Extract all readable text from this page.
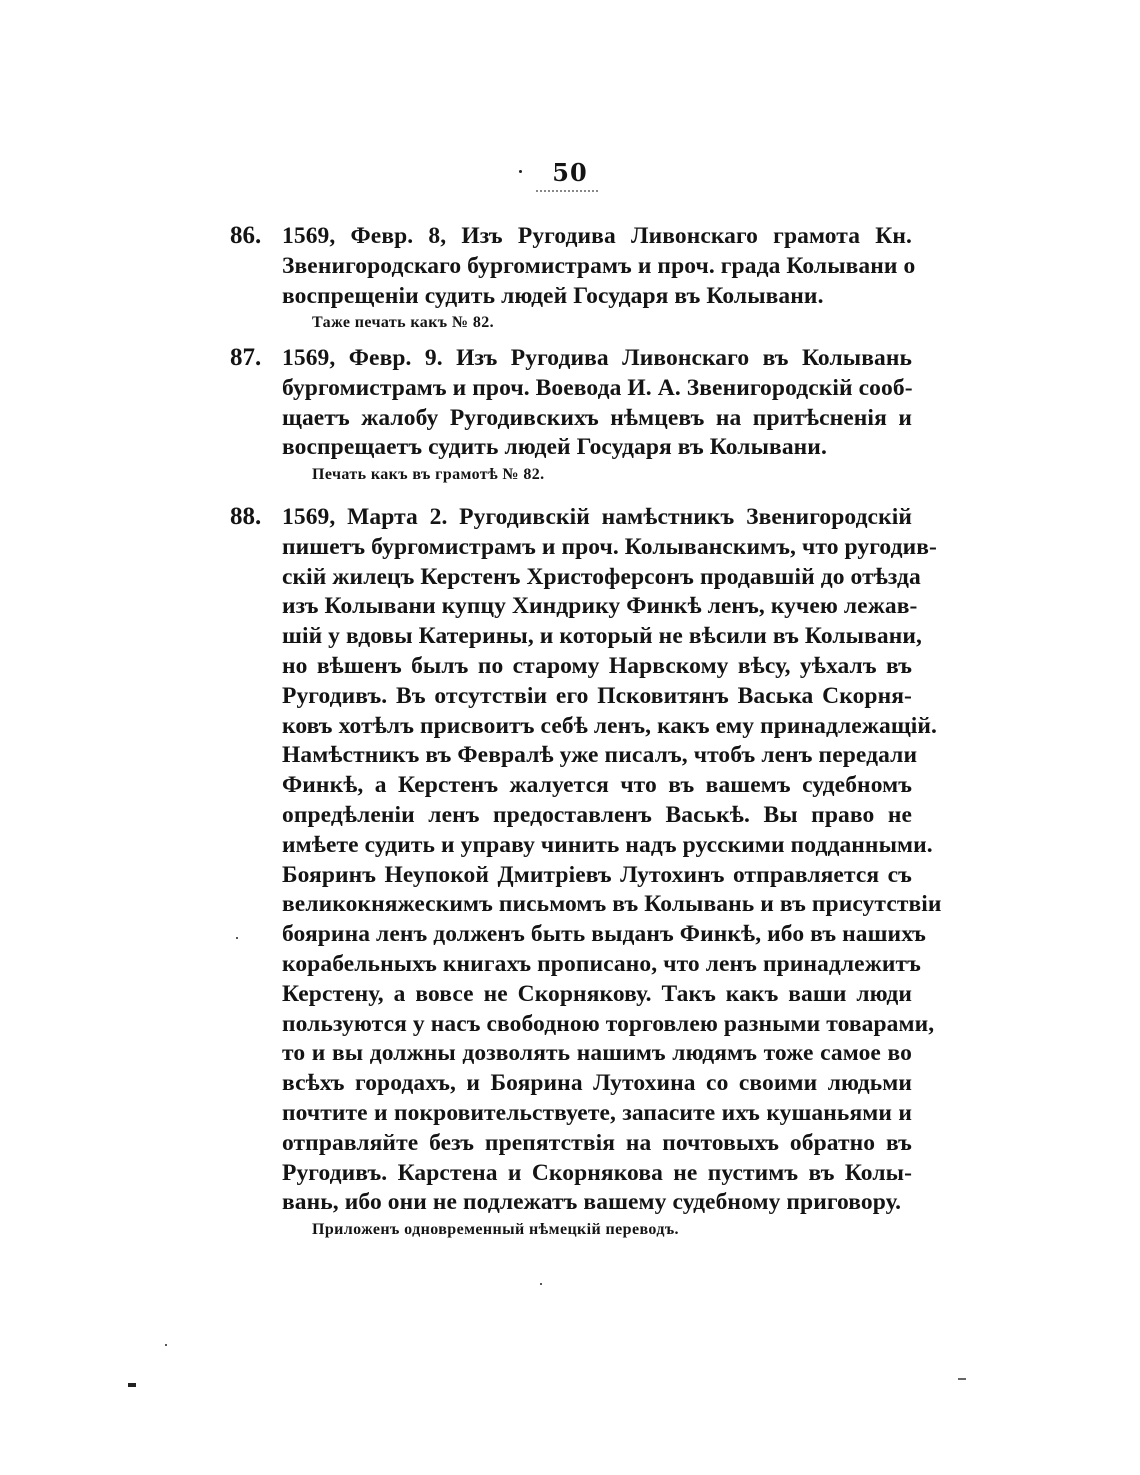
50
86. 1569, Февр. 8, Изъ Ругодива Ливонскаго грамота Кн.
Звенигородскаго бургомистрамъ и проч. града Колывани о
воспрещенiи судить людей Государя въ Колывани.
Таже печать какъ № 82.
87. 1569, Февр. 9. Изъ Ругодива Ливонскаго въ Колывань
бургомистрамъ и проч. Воевода И. А. Звенигородскiй сооб-
щаетъ жалобу Ругодивскихъ нѣмцевъ на притѣсненiя и
воспрещаетъ судить людей Государя въ Колывани.
Печать какъ въ грамотѣ № 82.
88. 1569, Марта 2. Ругодивскiй намѣстникъ Звенигородскiй
пишетъ бургомистрамъ и проч. Колыванскимъ, что ругодив-
скiй жилецъ Керстенъ Христоферсонъ продавшiй до отѣзда
изъ Колывани купцу Хиндрику Финкѣ ленъ, кучею лежав-
шiй у вдовы Катерины, и который не вѣсили въ Колывани,
но вѣшенъ былъ по старому Нарвскому вѣсу, уѣхалъ въ
Ругодивъ. Въ отсутствiи его Псковитянъ Васька Скорня-
ковъ хотѣлъ присвоитъ себѣ ленъ, какъ ему принадлежащiй.
Намѣстникъ въ Февралѣ уже писалъ, чтобъ ленъ передали
Финкѣ, а Керстенъ жалуется что въ вашемъ судебномъ
опредѣленiи ленъ предоставленъ Васькѣ. Вы право не
имѣете судить и управу чинить надъ русскими подданными.
Бояринъ Неупокой Дмитрiевъ Лутохинъ отправляется съ
великокняжескимъ письмомъ въ Колывань и въ присутствiи
боярина ленъ долженъ быть выданъ Финкѣ, ибо въ нашихъ
корабельныхъ книгахъ прописано, что ленъ принадлежитъ
Керстену, а вовсе не Скорнякову. Такъ какъ ваши люди
пользуются у насъ свободною торговлею разными товарами,
то и вы должны дозволять нашимъ людямъ тоже самое во
всѣхъ городахъ, и Боярина Лутохина со своими людьми
почтите и покровительствуете, запасите ихъ кушаньями и
отправляйте безъ препятствiя на почтовыхъ обратно въ
Ругодивъ. Карстена и Скорнякова не пустимъ въ Колы-
вань, ибо они не подлежатъ вашему судебному приговору.
Приложенъ одновременный нѣмецкiй переводъ.
